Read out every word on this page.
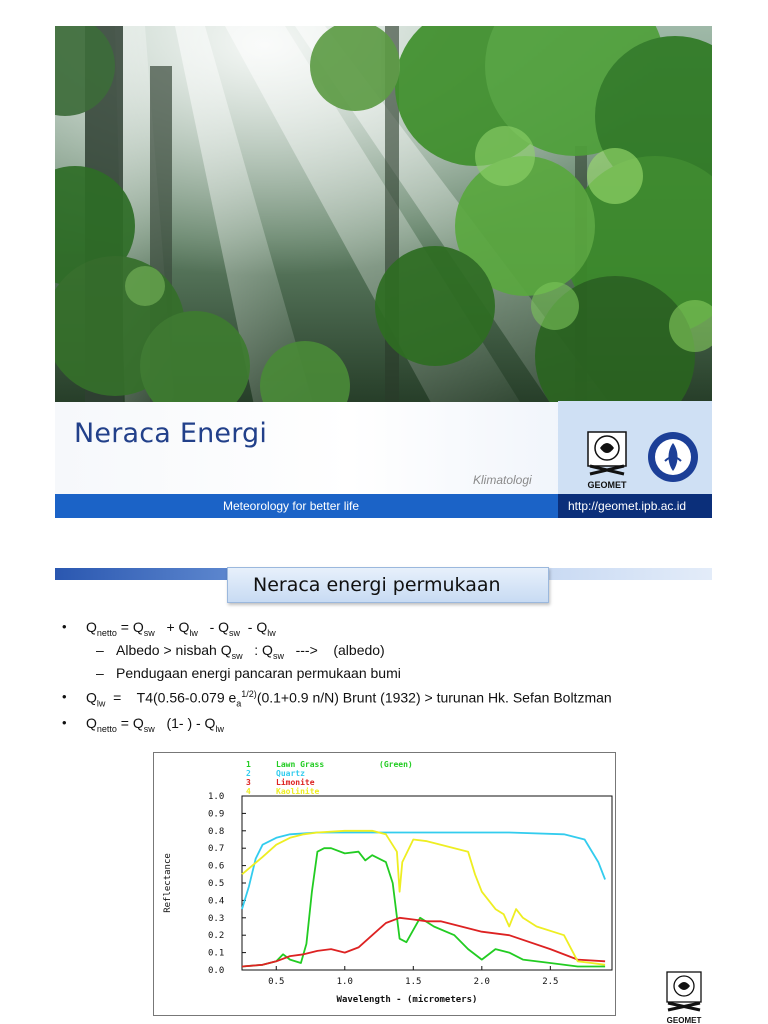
Neraca Energi
Klimatologi	GEOMET
Meteorology for better life	http://geomet.ipb.ac.id
Neraca energi permukaan
• $Q_{netto} = Q_{sw} + Q_{lw} - Q_{sw} - Q_{lw}$
– Albedo > nisbah $Q_{sw}$   : $Q_{sw}$ ---> (albedo)
– Pendugaan energi pancaran permukaan bumi
• $Q_{lw}$  =    T4(0.56-0.079 $e_a^{1/2)}(0.1+0.9$ n/N) Brunt (1932) > turunan Hk. Sefan Boltzman
• $Q_{netto} = Q_{sw}$ (1- ) - $Q_{lw}$
1	Lawn Grass	(Green)
2	Quartz
3	Limonite
4	Kaolinite
0.0
0.1
0.2
0.3
0.4
0.5
0.6
0.7
0.8
0.9
1.0
0.5	1.0	1.5	2.0	2.5
Wavelength - (micrometers)
Reflectance
GEOMET
